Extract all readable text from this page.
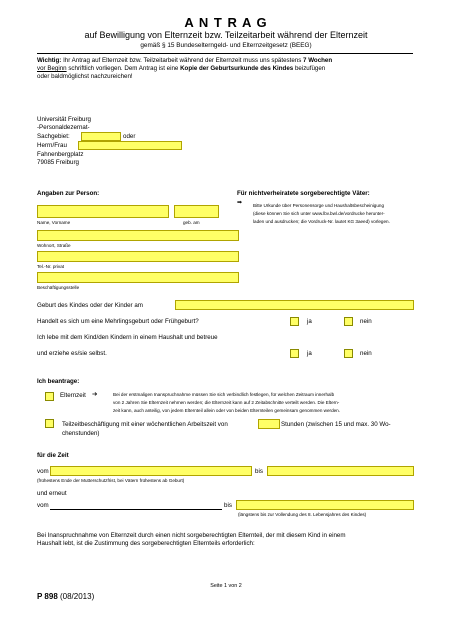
A N T R A G
auf Bewilligung von Elternzeit bzw. Teilzeitarbeit während der Elternzeit
gemäß § 15 Bundeselterngeld- und Elternzeitgesetz (BEEG)
Wichtig: Ihr Antrag auf Elternzeit bzw. Teilzeitarbeit während der Elternzeit muss uns spätestens 7 Wochen
vor Beginn schriftlich vorliegen. Dem Antrag ist eine Kopie der Geburtsurkunde des Kindes beizufügen
oder baldmöglichst nachzureichen!
Universität Freiburg
-Personaldezernat-
Sachgebiet:	oder
Herrn/Frau
Fahnenbergplatz
79085 Freiburg
Angaben zur Person:	Für nichtverheiratete sorgeberechtigte Väter:
Name, Vorname	geb. am
➡ Bitte Urkunde über Personensorge und Haushaltsbescheinigung
(diese können Sie sich unter www.lbv.bwl.de/vordrucke herunter-
laden und ausdrucken; die Vordruck-Nr. lautet KG 3aeed) vorlegen.
Wohnort, Straße
Tel.-Nr. privat
Beschäftigungsstelle
Geburt des Kindes oder der Kinder am
Handelt es sich um eine Mehrlingsgeburt oder Frühgeburt?	ja	nein
Ich lebe mit dem Kind/den Kindern in einem Haushalt und betreue
und erziehe es/sie selbst.	ja	nein
Ich beantrage:
Elternzeit ➔	Bei der erstmaligen Inanspruchnahme müssen Sie sich verbindlich festlegen, für welchen Zeitraum innerhalb
von 2 Jahren Sie Elternzeit nehmen werden; die Elternzeit kann auf 2 Zeitabschnitte verteilt werden. Die Eltern-
zeit kann, auch anteilig, von jedem Elternteil allein oder von beiden Elternteilen gemeinsam genommen werden.
Teilzeitbeschäftigung mit einer wöchentlichen Arbeitszeit von	Stunden (zwischen 15 und max. 30 Wo-
chenstunden)
für die Zeit
vom	bis
(frühestens Ende der Mutterschutzfrist, bei Vätern frühestens ab Geburt)
und erneut
vom	bis
(längstens bis zur Vollendung des 8. Lebensjahres des Kindes)
Bei Inanspruchnahme von Elternzeit durch einen nicht sorgeberechtigten Elternteil, der mit diesem Kind in einem
Haushalt lebt, ist die Zustimmung des sorgeberechtigten Elternteils erforderlich:
Seite 1 von 2
P 898 (08/2013)
